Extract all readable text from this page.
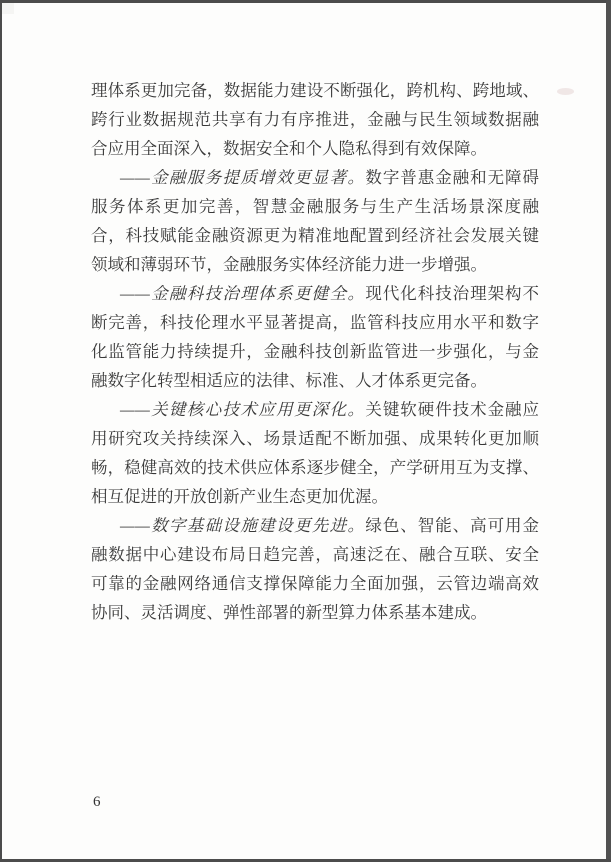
理体系更加完备，数据能力建设不断强化，跨机构、跨地域、
跨行业数据规范共享有力有序推进，金融与民生领域数据融
合应用全面深入，数据安全和个人隐私得到有效保障。

——金融服务提质增效更显著。数字普惠金融和无障碍
服务体系更加完善，智慧金融服务与生产生活场景深度融
合，科技赋能金融资源更为精准地配置到经济社会发展关键
领域和薄弱环节，金融服务实体经济能力进一步增强。

——金融科技治理体系更健全。现代化科技治理架构不
断完善，科技伦理水平显著提高，监管科技应用水平和数字
化监管能力持续提升，金融科技创新监管进一步强化，与金
融数字化转型相适应的法律、标准、人才体系更完备。

——关键核心技术应用更深化。关键软硬件技术金融应
用研究攻关持续深入、场景适配不断加强、成果转化更加顺
畅，稳健高效的技术供应体系逐步健全，产学研用互为支撑、
相互促进的开放创新产业生态更加优渥。

——数字基础设施建设更先进。绿色、智能、高可用金
融数据中心建设布局日趋完善，高速泛在、融合互联、安全
可靠的金融网络通信支撑保障能力全面加强，云管边端高效
协同、灵活调度、弹性部署的新型算力体系基本建成。

6
